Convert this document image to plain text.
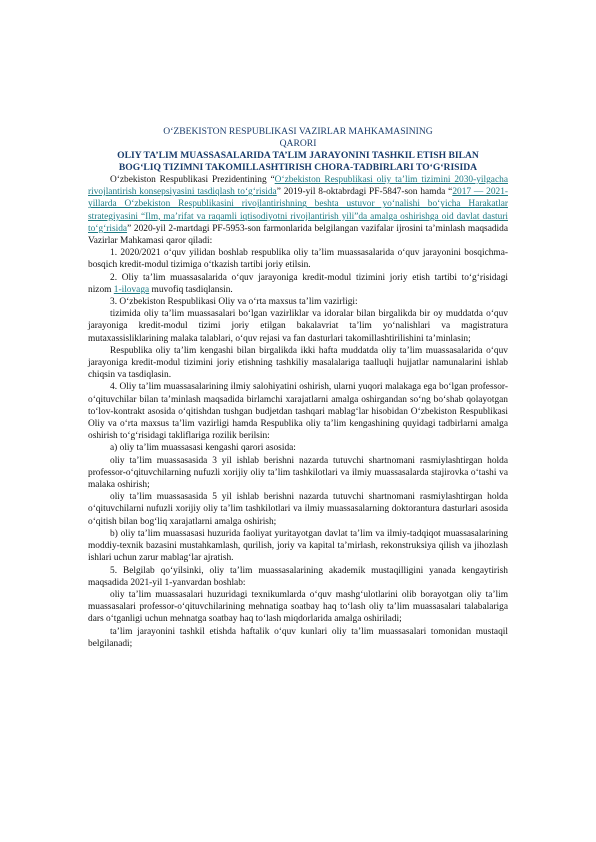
O‘ZBEKISTON RESPUBLIKASI VAZIRLAR MAHKAMASINING
QARORI
OLIY TA’LIM MUASSASALARIDA TA’LIM JARAYONINI TASHKIL ETISH BILAN
BOG‘LIQ TIZIMNI TAKOMILLASHTIRISH CHORA-TADBIRLARI TO‘G‘RISIDA

O‘zbekiston Respublikasi Prezidentining “O‘zbekiston Respublikasi oliy ta’lim tizimini 2030-yilgacha rivojlantirish konsepsiyasini tasdiqlash to‘g‘risida” 2019-yil 8-oktabrdagi PF-5847-son hamda “2017 — 2021-yillarda O‘zbekiston Respublikasini rivojlantirishning beshta ustuvor yo‘nalishi bo‘yicha Harakatlar strategiyasini “Ilm, ma’rifat va raqamli iqtisodiyotni rivojlantirish yili”da amalga oshirishga oid davlat dasturi to‘g‘risida” 2020-yil 2-martdagi PF-5953-son farmonlarida belgilangan vazifalar ijrosini ta’minlash maqsadida Vazirlar Mahkamasi qaror qiladi:

1. 2020/2021 o‘quv yilidan boshlab respublika oliy ta’lim muassasalarida o‘quv jarayonini bosqichma-bosqich kredit-modul tizimiga o‘tkazish tartibi joriy etilsin.

2. Oliy ta’lim muassasalarida o‘quv jarayoniga kredit-modul tizimini joriy etish tartibi to‘g‘risidagi nizom 1-ilovaga muvofiq tasdiqlansin.

3. O‘zbekiston Respublikasi Oliy va o‘rta maxsus ta’lim vazirligi:

tizimida oliy ta’lim muassasalari bo‘lgan vazirliklar va idoralar bilan birgalikda bir oy muddatda o‘quv jarayoniga kredit-modul tizimi joriy etilgan bakalavriat ta’lim yo‘nalishlari va magistratura mutaxassisliklarining malaka talablari, o‘quv rejasi va fan dasturlari takomillashtirilishini ta’minlasin;

Respublika oliy ta’lim kengashi bilan birgalikda ikki hafta muddatda oliy ta’lim muassasalarida o‘quv jarayoniga kredit-modul tizimini joriy etishning tashkiliy masalalariga taalluqli hujjatlar namunalarini ishlab chiqsin va tasdiqlasin.

4. Oliy ta’lim muassasalarining ilmiy salohiyatini oshirish, ularni yuqori malakaga ega bo‘lgan professor-o‘qituvchilar bilan ta’minlash maqsadida birlamchi xarajatlarni amalga oshirgandan so‘ng bo‘shab qolayotgan to‘lov-kontrakt asosida o‘qitishdan tushgan budjetdan tashqari mablag‘lar hisobidan O‘zbekiston Respublikasi Oliy va o‘rta maxsus ta’lim vazirligi hamda Respublika oliy ta’lim kengashining quyidagi tadbirlarni amalga oshirish to‘g‘risidagi takliflariga rozilik berilsin:

a) oliy ta’lim muassasasi kengashi qarori asosida:

oliy ta’lim muassasasida 3 yil ishlab berishni nazarda tutuvchi shartnomani rasmiylashtirgan holda professor-o‘qituvchilarning nufuzli xorijiy oliy ta’lim tashkilotlari va ilmiy muassasalarda stajirovka o‘tashi va malaka oshirish;

oliy ta’lim muassasasida 5 yil ishlab berishni nazarda tutuvchi shartnomani rasmiylashtirgan holda o‘qituvchilarni nufuzli xorijiy oliy ta’lim tashkilotlari va ilmiy muassasalarning doktorantura dasturlari asosida o‘qitish bilan bog‘liq xarajatlarni amalga oshirish;

b) oliy ta’lim muassasasi huzurida faoliyat yuritayotgan davlat ta’lim va ilmiy-tadqiqot muassasalarining moddiy-texnik bazasini mustahkamlash, qurilish, joriy va kapital ta’mirlash, rekonstruksiya qilish va jihozlash ishlari uchun zarur mablag‘lar ajratish.

5. Belgilab qo‘yilsinki, oliy ta’lim muassasalarining akademik mustaqilligini yanada kengaytirish maqsadida 2021-yil 1-yanvardan boshlab:

oliy ta’lim muassasalari huzuridagi texnikumlarda o‘quv mashg‘ulotlarini olib borayotgan oliy ta’lim muassasalari professor-o‘qituvchilarining mehnatiga soatbay haq to‘lash oliy ta’lim muassasalari talabalariga dars o‘tganligi uchun mehnatga soatbay haq to‘lash miqdorlarida amalga oshiriladi;

ta’lim jarayonini tashkil etishda haftalik o‘quv kunlari oliy ta’lim muassasalari tomonidan mustaqil belgilanadi;
